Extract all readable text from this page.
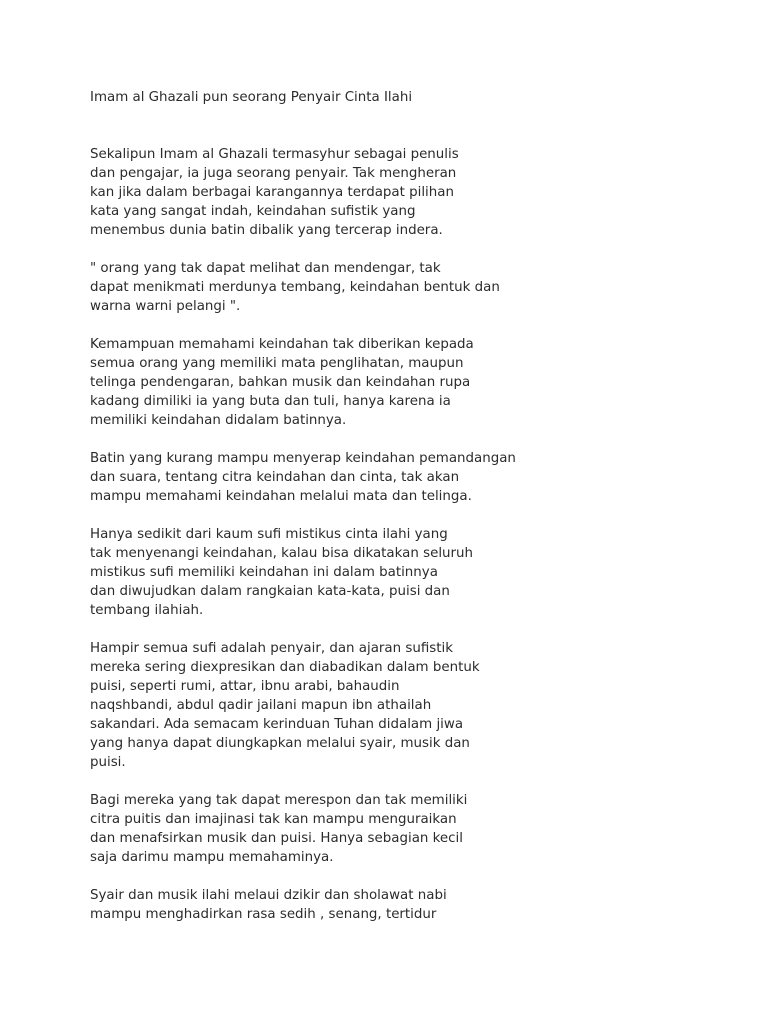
Imam al Ghazali pun seorang Penyair Cinta Ilahi
Sekalipun Imam al Ghazali termasyhur sebagai penulis
dan pengajar, ia juga seorang penyair. Tak mengheran
kan jika dalam berbagai karangannya terdapat pilihan
kata yang sangat indah, keindahan sufistik yang
menembus dunia batin dibalik yang tercerap indera.
" orang yang tak dapat melihat dan mendengar, tak
dapat menikmati merdunya tembang, keindahan bentuk dan
warna warni pelangi ".
Kemampuan memahami keindahan tak diberikan kepada
semua orang yang memiliki mata penglihatan, maupun
telinga pendengaran, bahkan musik dan keindahan rupa
kadang dimiliki ia yang buta dan tuli, hanya karena ia
memiliki keindahan didalam batinnya.
Batin yang kurang mampu menyerap keindahan pemandangan
dan suara, tentang citra keindahan dan cinta, tak akan
mampu memahami keindahan melalui mata dan telinga.
Hanya sedikit dari kaum sufi mistikus cinta ilahi yang
tak menyenangi keindahan, kalau bisa dikatakan seluruh
mistikus sufi memiliki keindahan ini dalam batinnya
dan diwujudkan dalam rangkaian kata-kata, puisi dan
tembang ilahiah.
Hampir semua sufi adalah penyair, dan ajaran sufistik
mereka sering diexpresikan dan diabadikan dalam bentuk
puisi, seperti rumi, attar, ibnu arabi, bahaudin
naqshbandi, abdul qadir jailani mapun ibn athailah
sakandari. Ada semacam kerinduan Tuhan didalam jiwa
yang hanya dapat diungkapkan melalui syair, musik dan
puisi.
Bagi mereka yang tak dapat merespon dan tak memiliki
citra puitis dan imajinasi tak kan mampu menguraikan
dan menafsirkan musik dan puisi. Hanya sebagian kecil
saja darimu mampu memahaminya.
Syair dan musik ilahi melaui dzikir dan sholawat nabi
mampu menghadirkan rasa sedih , senang, tertidur
